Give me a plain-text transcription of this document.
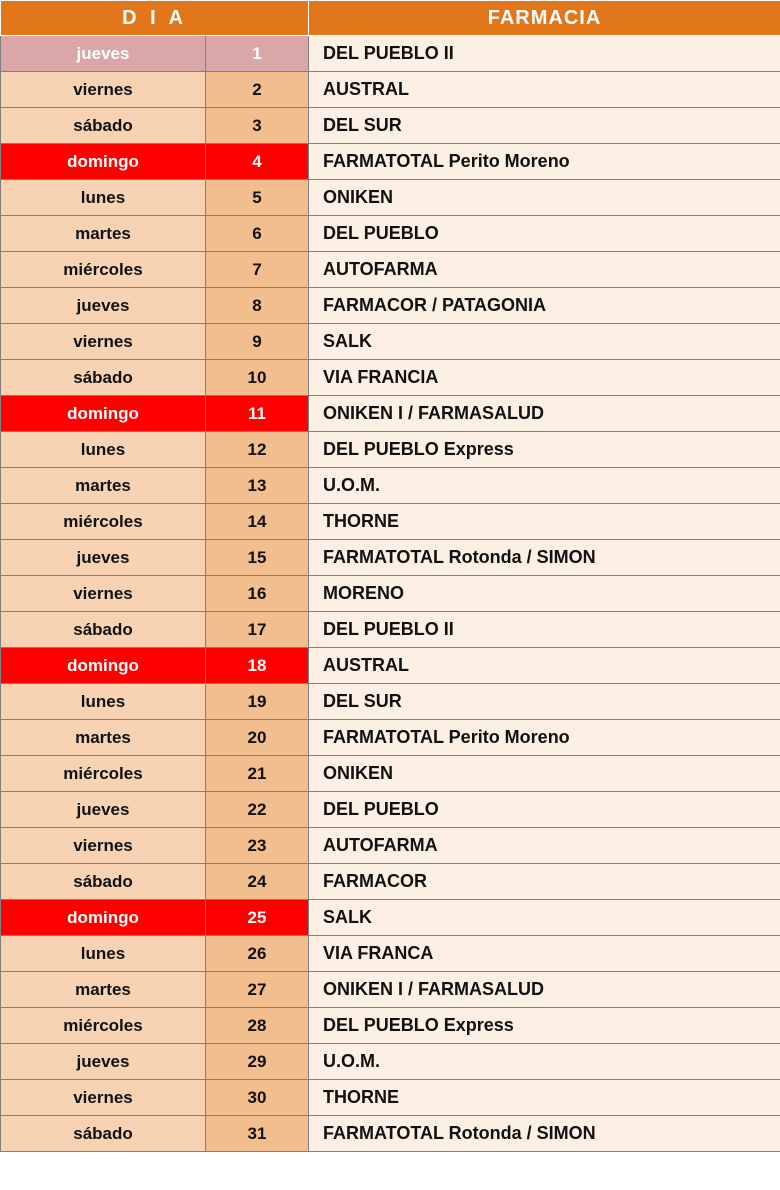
D I A		FARMACIA
jueves	1	DEL PUEBLO II
viernes	2	AUSTRAL
sábado	3	DEL SUR
domingo	4	FARMATOTAL Perito Moreno
lunes	5	ONIKEN
martes	6	DEL PUEBLO
miércoles	7	AUTOFARMA
jueves	8	FARMACOR / PATAGONIA
viernes	9	SALK
sábado	10	VIA FRANCIA
domingo	11	ONIKEN I / FARMASALUD
lunes	12	DEL PUEBLO Express
martes	13	U.O.M.
miércoles	14	THORNE
jueves	15	FARMATOTAL Rotonda / SIMON
viernes	16	MORENO
sábado	17	DEL PUEBLO II
domingo	18	AUSTRAL
lunes	19	DEL SUR
martes	20	FARMATOTAL Perito Moreno
miércoles	21	ONIKEN
jueves	22	DEL PUEBLO
viernes	23	AUTOFARMA
sábado	24	FARMACOR
domingo	25	SALK
lunes	26	VIA FRANCA
martes	27	ONIKEN I / FARMASALUD
miércoles	28	DEL PUEBLO Express
jueves	29	U.O.M.
viernes	30	THORNE
sábado	31	FARMATOTAL Rotonda / SIMON
